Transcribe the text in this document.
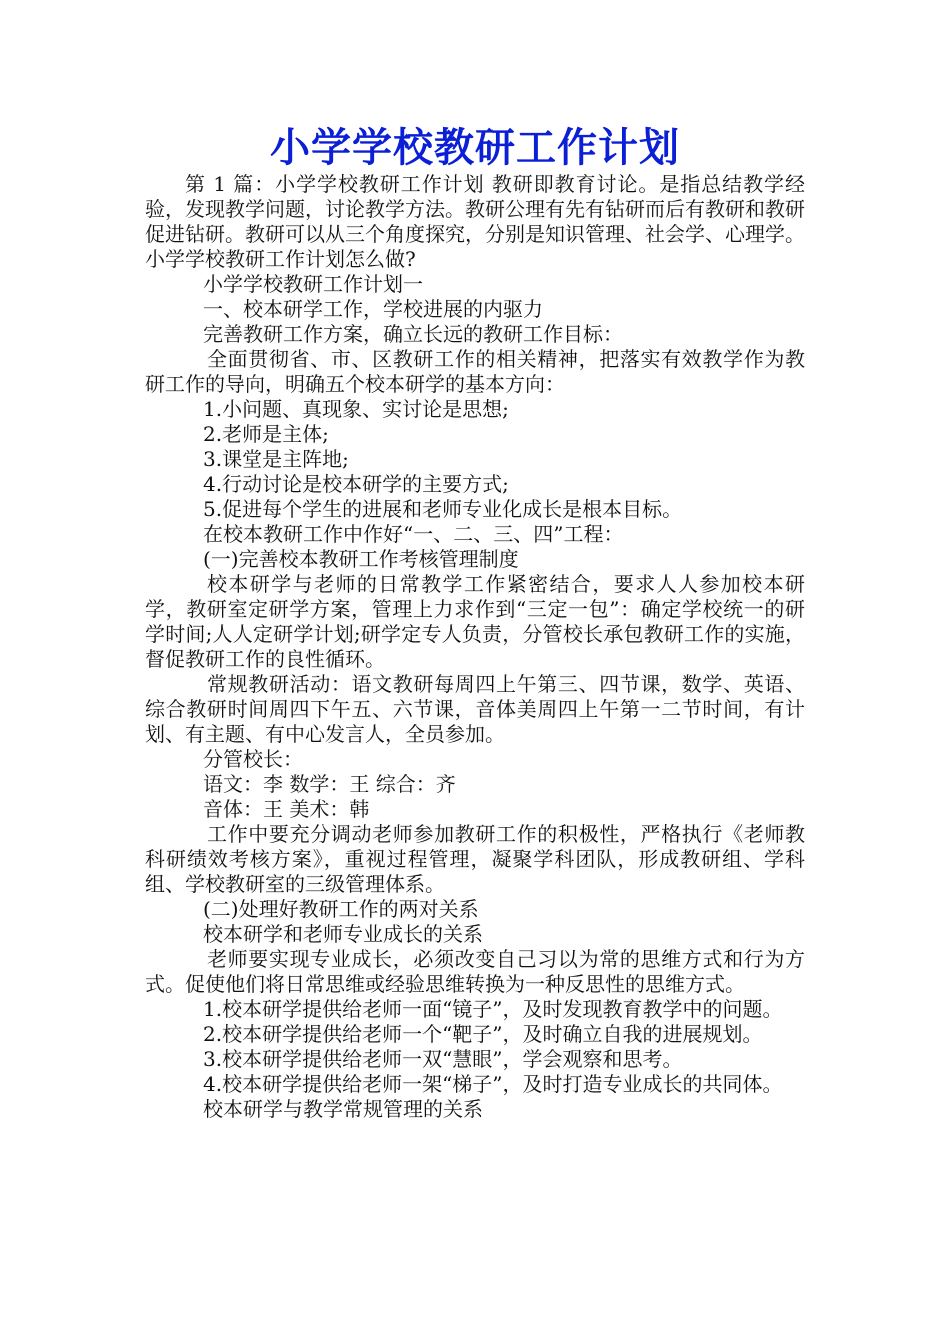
小学学校教研工作计划

第 1 篇：小学学校教研工作计划 教研即教育讨论。是指总结教学经验，发现教学问题，讨论教学方法。教研公理有先有钻研而后有教研和教研促进钻研。教研可以从三个角度探究，分别是知识管理、社会学、心理学。小学学校教研工作计划怎么做?

小学学校教研工作计划一

一、校本研学工作，学校进展的内驱力

完善教研工作方案，确立长远的教研工作目标：

全面贯彻省、市、区教研工作的相关精神，把落实有效教学作为教研工作的导向，明确五个校本研学的基本方向：

1.小问题、真现象、实讨论是思想;

2.老师是主体;

3.课堂是主阵地;

4.行动讨论是校本研学的主要方式;

5.促进每个学生的进展和老师专业化成长是根本目标。

在校本教研工作中作好“一、二、三、四”工程：

(一)完善校本教研工作考核管理制度

校本研学与老师的日常教学工作紧密结合，要求人人参加校本研学，教研室定研学方案，管理上力求作到“三定一包”：确定学校统一的研学时间;人人定研学计划;研学定专人负责，分管校长承包教研工作的实施，督促教研工作的良性循环。

常规教研活动：语文教研每周四上午第三、四节课，数学、英语、综合教研时间周四下午五、六节课，音体美周四上午第一二节时间，有计划、有主题、有中心发言人，全员参加。

分管校长：

语文：李 数学：王 综合：齐

音体：王 美术：韩

工作中要充分调动老师参加教研工作的积极性，严格执行《老师教科研绩效考核方案》，重视过程管理，凝聚学科团队，形成教研组、学科组、学校教研室的三级管理体系。

(二)处理好教研工作的两对关系

校本研学和老师专业成长的关系

老师要实现专业成长，必须改变自己习以为常的思维方式和行为方式。促使他们将日常思维或经验思维转换为一种反思性的思维方式。

1.校本研学提供给老师一面“镜子”，及时发现教育教学中的问题。

2.校本研学提供给老师一个“靶子”，及时确立自我的进展规划。

3.校本研学提供给老师一双“慧眼”，学会观察和思考。

4.校本研学提供给老师一架“梯子”，及时打造专业成长的共同体。

校本研学与教学常规管理的关系
